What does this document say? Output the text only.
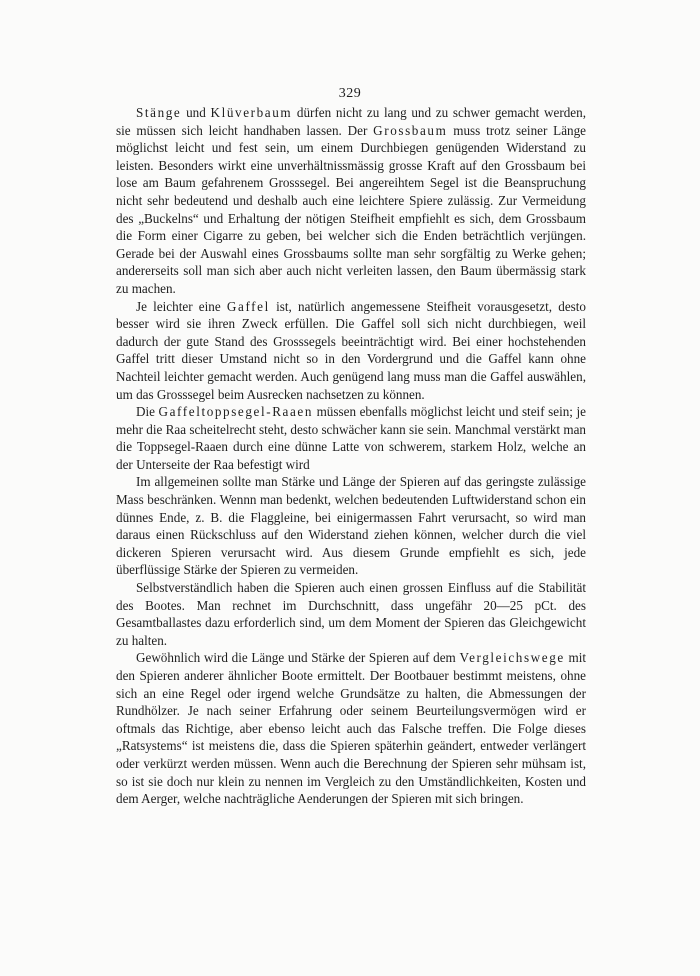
329

Stänge und Klüverbaum dürfen nicht zu lang und zu schwer gemacht werden, sie müssen sich leicht handhaben lassen. Der Grossbaum muss trotz seiner Länge möglichst leicht und fest sein, um einem Durchbiegen genügenden Widerstand zu leisten. Besonders wirkt eine unverhältnissmässig grosse Kraft auf den Grossbaum bei lose am Baum gefahrenem Grosssegel. Bei angereihtem Segel ist die Beanspruchung nicht sehr bedeutend und deshalb auch eine leichtere Spiere zulässig. Zur Vermeidung des „Buckelns“ und Erhaltung der nötigen Steifheit empfiehlt es sich, dem Grossbaum die Form einer Cigarre zu geben, bei welcher sich die Enden beträchtlich verjüngen. Gerade bei der Auswahl eines Grossbaums sollte man sehr sorgfältig zu Werke gehen; andererseits soll man sich aber auch nicht verleiten lassen, den Baum übermässig stark zu machen.

Je leichter eine Gaffel ist, natürlich angemessene Steifheit vorausgesetzt, desto besser wird sie ihren Zweck erfüllen. Die Gaffel soll sich nicht durchbiegen, weil dadurch der gute Stand des Grosssegels beeinträchtigt wird. Bei einer hochstehenden Gaffel tritt dieser Umstand nicht so in den Vordergrund und die Gaffel kann ohne Nachteil leichter gemacht werden. Auch genügend lang muss man die Gaffel auswählen, um das Grosssegel beim Ausrecken nachsetzen zu können.

Die Gaffeltoppsegel-Raaen müssen ebenfalls möglichst leicht und steif sein; je mehr die Raa scheitelrecht steht, desto schwächer kann sie sein. Manchmal verstärkt man die Toppsegel-Raaen durch eine dünne Latte von schwerem, starkem Holz, welche an der Unterseite der Raa befestigt wird

Im allgemeinen sollte man Stärke und Länge der Spieren auf das geringste zulässige Mass beschränken. Wennn man bedenkt, welchen bedeutenden Luftwiderstand schon ein dünnes Ende, z. B. die Flaggleine, bei einigermassen Fahrt verursacht, so wird man daraus einen Rückschluss auf den Widerstand ziehen können, welcher durch die viel dickeren Spieren verursacht wird. Aus diesem Grunde empfiehlt es sich, jede überflüssige Stärke der Spieren zu vermeiden.

Selbstverständlich haben die Spieren auch einen grossen Einfluss auf die Stabilität des Bootes. Man rechnet im Durchschnitt, dass ungefähr 20—25 pCt. des Gesamtballastes dazu erforderlich sind, um dem Moment der Spieren das Gleichgewicht zu halten.

Gewöhnlich wird die Länge und Stärke der Spieren auf dem Vergleichswege mit den Spieren anderer ähnlicher Boote ermittelt. Der Bootbauer bestimmt meistens, ohne sich an eine Regel oder irgend welche Grundsätze zu halten, die Abmessungen der Rundhölzer. Je nach seiner Erfahrung oder seinem Beurteilungsvermögen wird er oftmals das Richtige, aber ebenso leicht auch das Falsche treffen. Die Folge dieses „Ratsystems“ ist meistens die, dass die Spieren späterhin geändert, entweder verlängert oder verkürzt werden müssen. Wenn auch die Berechnung der Spieren sehr mühsam ist, so ist sie doch nur klein zu nennen im Vergleich zu den Umständlichkeiten, Kosten und dem Aerger, welche nachträgliche Aenderungen der Spieren mit sich bringen.
